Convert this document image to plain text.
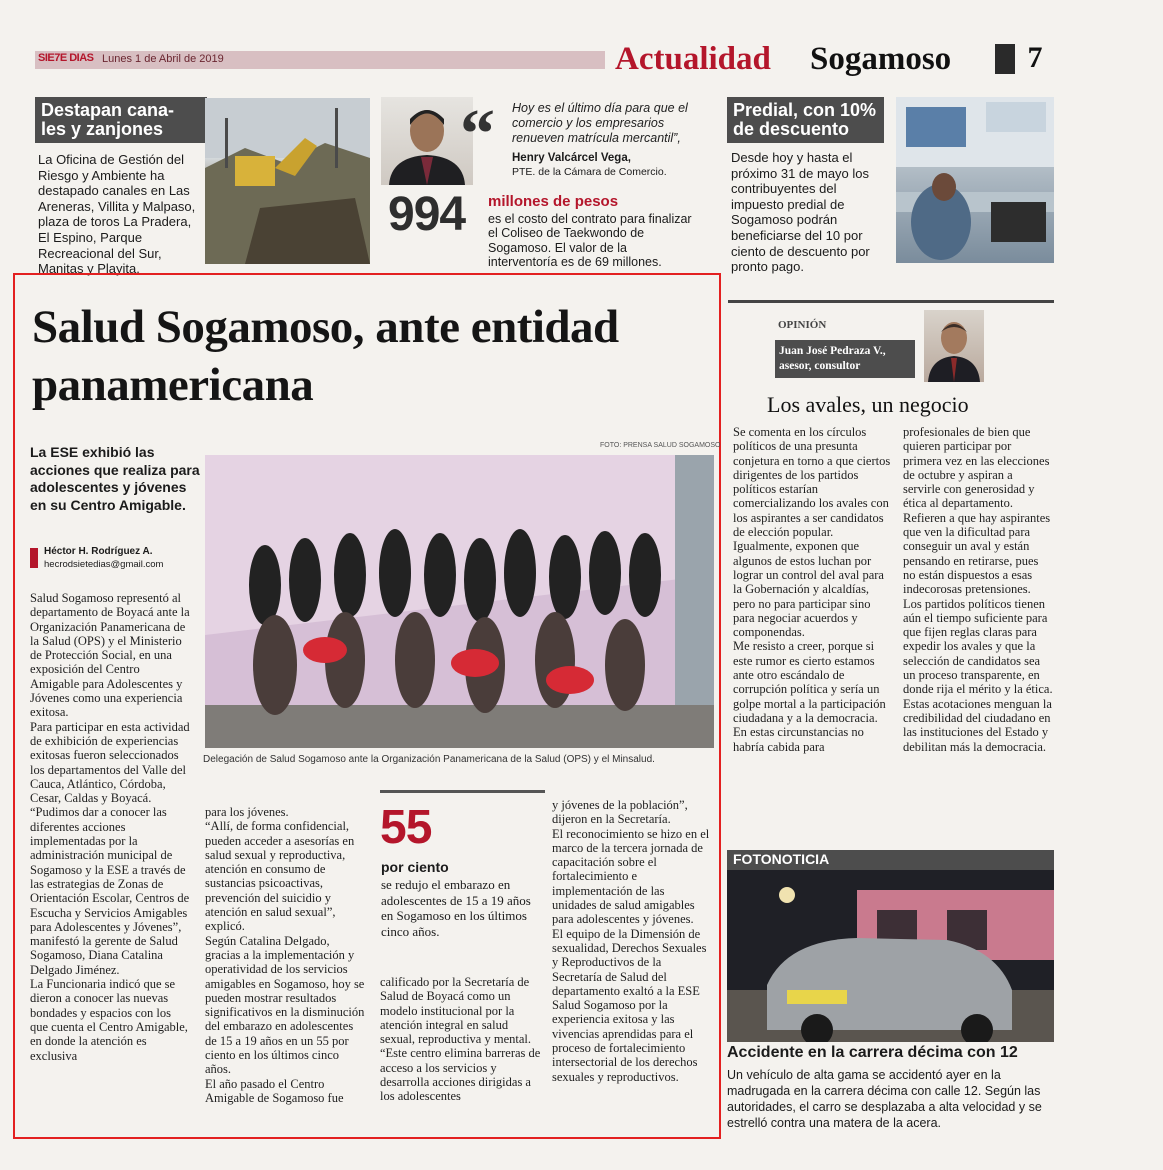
SIE7E DIAS Lunes 1 de Abril de 2019	Actualidad Sogamoso	7
Destapan cana-
les y zanjones
La Oficina de Gestión del Riesgo y Ambiente ha destapado canales en Las Areneras, Villita y Malpaso, plaza de toros La Pradera, El Espino, Parque Recreacional del Sur, Manitas y Playita.
“ Hoy es el último día para que el comercio y los empresarios renueven matrícula mercantil”,
Henry Valcárcel Vega,
PTE. de la Cámara de Comercio.
994 millones de pesos
es el costo del contrato para finalizar el Coliseo de Taekwondo de Sogamoso. El valor de la interventoría es de 69 millones.
Predial, con 10%
de descuento
Desde hoy y hasta el próximo 31 de mayo los contribuyentes del impuesto predial de Sogamoso podrán beneficiarse del 10 por ciento de descuento por pronto pago.
Salud Sogamoso, ante entidad panamericana
FOTO: PRENSA SALUD SOGAMOSO
La ESE exhibió las acciones que realiza para adolescentes y jóvenes en su Centro Amigable.
Héctor H. Rodríguez A.
hecrodsietedias@gmail.com
Delegación de Salud Sogamoso ante la Organización Panamericana de la Salud (OPS) y el Minsalud.
Salud Sogamoso representó al departamento de Boyacá ante la Organización Panamericana de la Salud (OPS) y el Ministerio de Protección Social, en una exposición del Centro Amigable para Adolescentes y Jóvenes como una experiencia exitosa.
Para participar en esta actividad de exhibición de experiencias exitosas fueron seleccionados los departamentos del Valle del Cauca, Atlántico, Córdoba, Cesar, Caldas y Boyacá.
“Pudimos dar a conocer las diferentes acciones implementadas por la administración municipal de Sogamoso y la ESE a través de las estrategias de Zonas de Orientación Escolar, Centros de Escucha y Servicios Amigables para Adolescentes y Jóvenes”, manifestó la gerente de Salud Sogamoso, Diana Catalina Delgado Jiménez.
La Funcionaria indicó que se dieron a conocer las nuevas bondades y espacios con los que cuenta el Centro Amigable, en donde la atención es exclusiva
para los jóvenes.
“Allí, de forma confidencial, pueden acceder a asesorías en salud sexual y reproductiva, atención en consumo de sustancias psicoactivas, prevención del suicidio y atención en salud sexual”, explicó.
Según Catalina Delgado, gracias a la implementación y operatividad de los servicios amigables en Sogamoso, hoy se pueden mostrar resultados significativos en la disminución del embarazo en adolescentes de 15 a 19 años en un 55 por ciento en los últimos cinco años.
El año pasado el Centro Amigable de Sogamoso fue
55
por ciento
se redujo el embarazo en adolescentes de 15 a 19 años en Sogamoso en los últimos cinco años.
calificado por la Secretaría de Salud de Boyacá como un modelo institucional por la atención integral en salud sexual, reproductiva y mental.
“Este centro elimina barreras de acceso a los servicios y desarrolla acciones dirigidas a los adolescentes
y jóvenes de la población”, dijeron en la Secretaría.
El reconocimiento se hizo en el marco de la tercera jornada de capacitación sobre el fortalecimiento e implementación de las unidades de salud amigables para adolescentes y jóvenes.
El equipo de la Dimensión de sexualidad, Derechos Sexuales y Reproductivos de la Secretaría de Salud del departamento exaltó a la ESE Salud Sogamoso por la experiencia exitosa y las vivencias aprendidas para el proceso de fortalecimiento intersectorial de los derechos sexuales y reproductivos.
OPINIÓN
Juan José Pedraza V.,
asesor, consultor
Los avales, un negocio
Se comenta en los círculos políticos de una presunta conjetura en torno a que ciertos dirigentes de los partidos políticos estarían comercializando los avales con los aspirantes a ser candidatos de elección popular.
Igualmente, exponen que algunos de estos luchan por lograr un control del aval para la Gobernación y alcaldías, pero no para participar sino para negociar acuerdos y componendas.
Me resisto a creer, porque si este rumor es cierto estamos ante otro escándalo de corrupción política y sería un golpe mortal a la participación ciudadana y a la democracia.
En estas circunstancias no habría cabida para
profesionales de bien que quieren participar por primera vez en las elecciones de octubre y aspiran a servirle con generosidad y ética al departamento. Refieren a que hay aspirantes que ven la dificultad para conseguir un aval y están pensando en retirarse, pues no están dispuestos a esas indecorosas pretensiones.
Los partidos políticos tienen aún el tiempo suficiente para que fijen reglas claras para expedir los avales y que la selección de candidatos sea un proceso transparente, en donde rija el mérito y la ética.
Estas acotaciones menguan la credibilidad del ciudadano en las instituciones del Estado y debilitan más la democracia.
FOTONOTICIA
Accidente en la carrera décima con 12
Un vehículo de alta gama se accidentó ayer en la madrugada en la carrera décima con calle 12. Según las autoridades, el carro se desplazaba a alta velocidad y se estrelló contra una matera de la acera.
